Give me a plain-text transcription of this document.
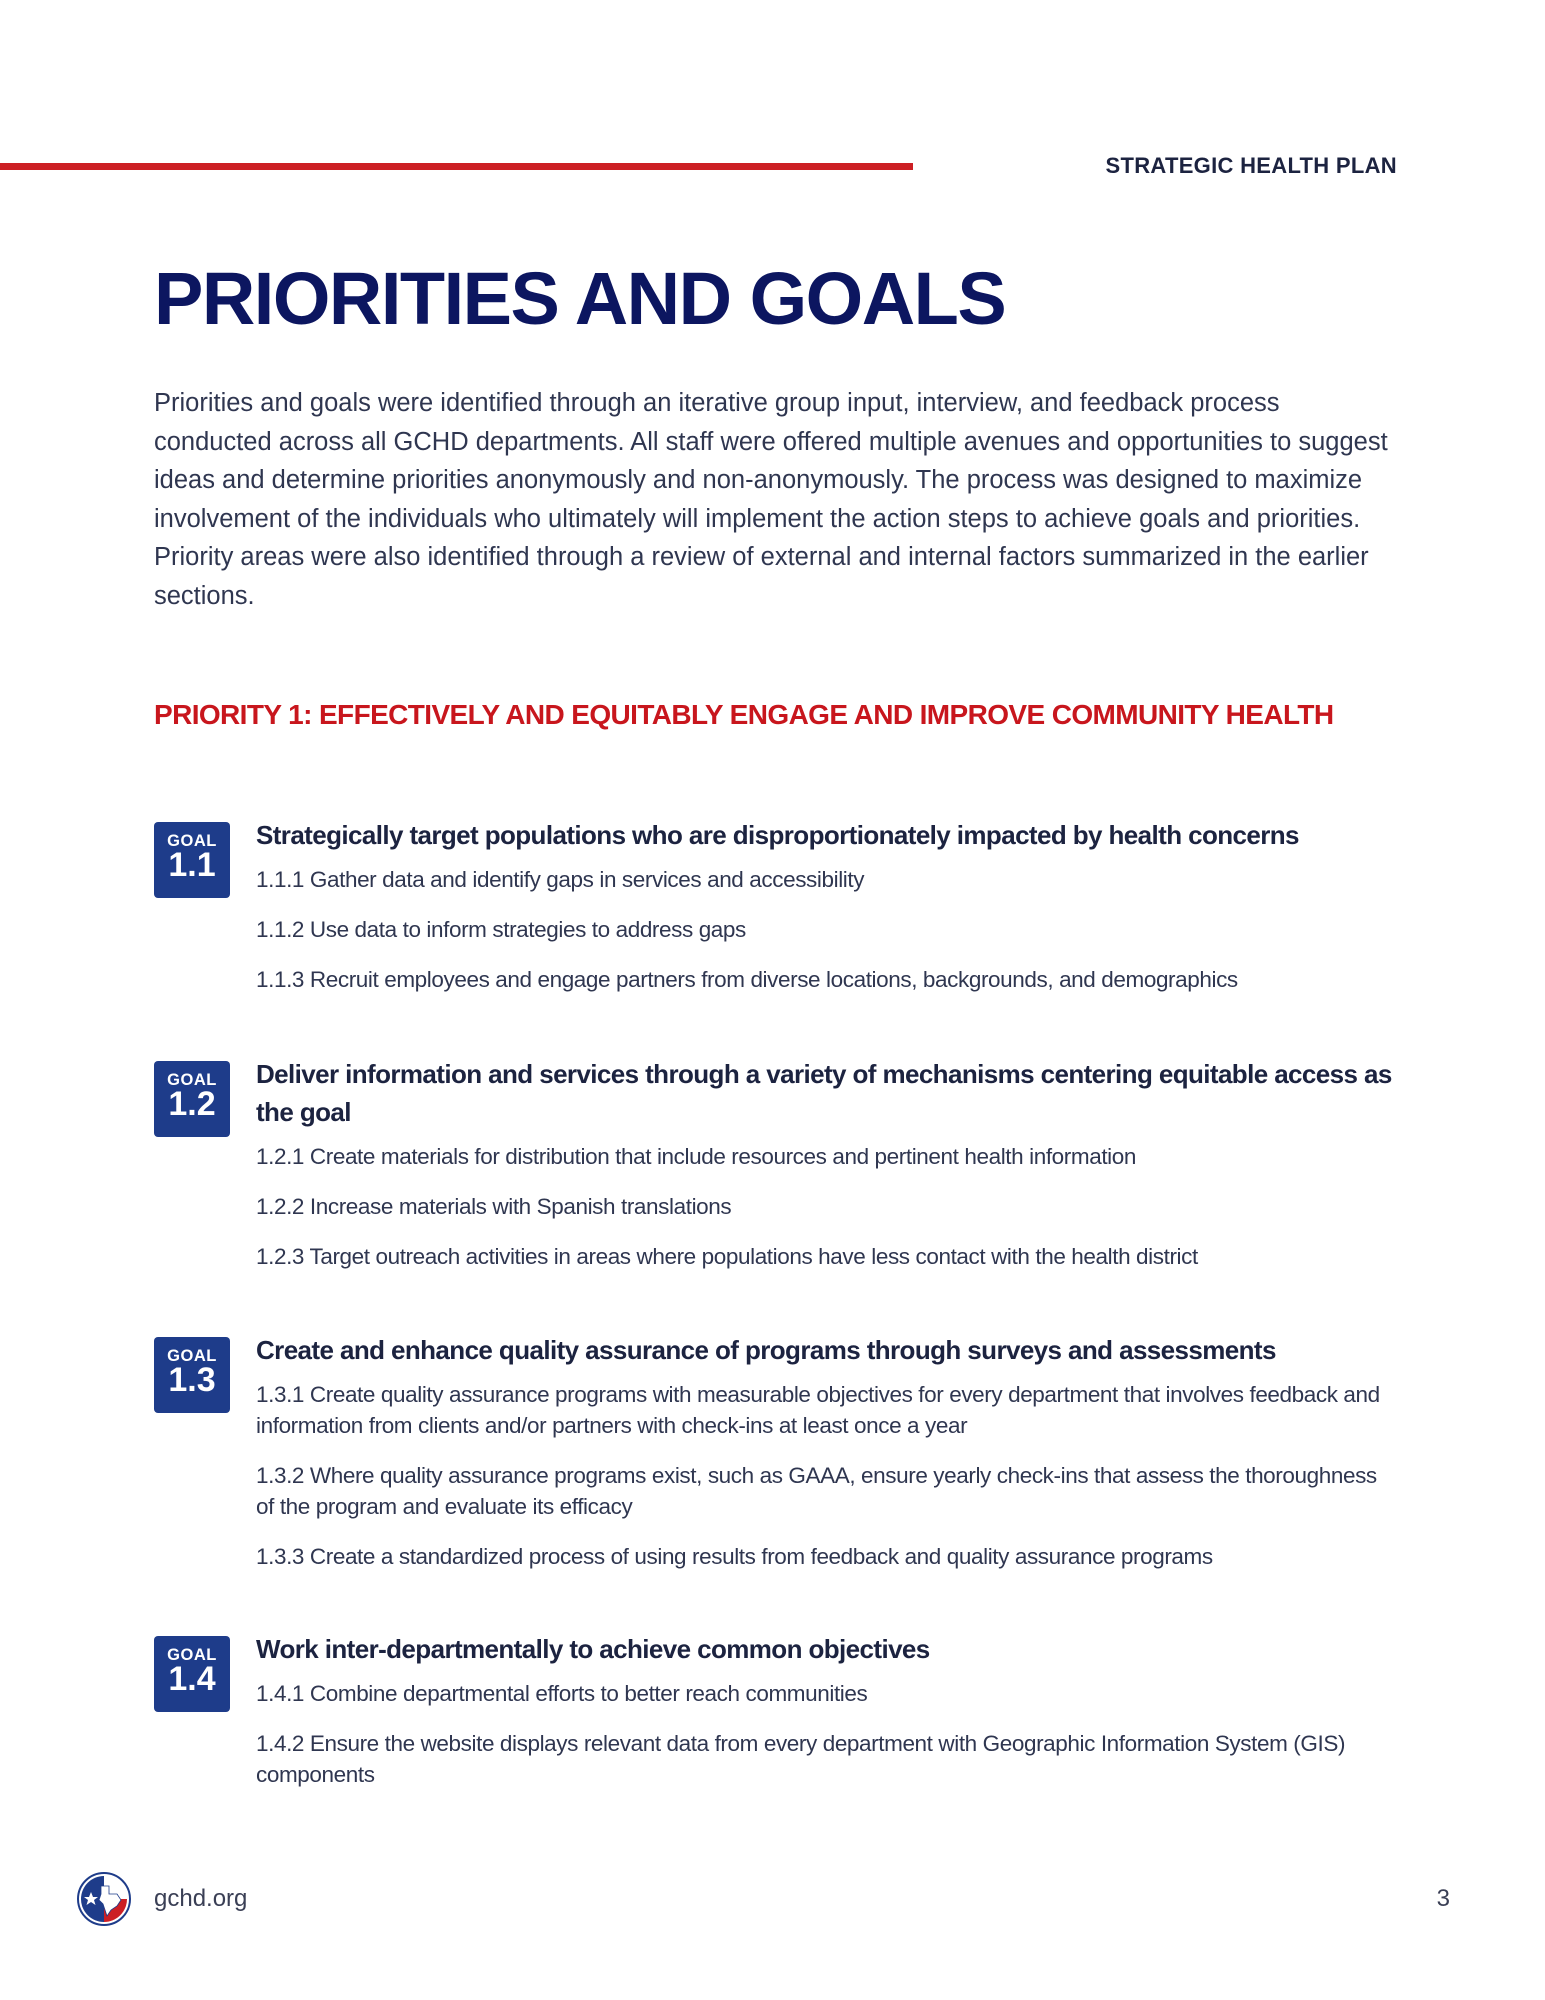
STRATEGIC HEALTH PLAN
PRIORITIES AND GOALS

Priorities and goals were identified through an iterative group input, interview, and feedback process conducted across all GCHD departments. All staff were offered multiple avenues and opportunities to suggest ideas and determine priorities anonymously and non-anonymously. The process was designed to maximize involvement of the individuals who ultimately will implement the action steps to achieve goals and priorities. Priority areas were also identified through a review of external and internal factors summarized in the earlier sections.

PRIORITY 1: EFFECTIVELY AND EQUITABLY ENGAGE AND IMPROVE COMMUNITY HEALTH
GOAL
1.1
Strategically target populations who are disproportionately impacted by health concerns
1.1.1 Gather data and identify gaps in services and accessibility
1.1.2 Use data to inform strategies to address gaps
1.1.3 Recruit employees and engage partners from diverse locations, backgrounds, and demographics
GOAL
1.2
Deliver information and services through a variety of mechanisms centering equitable access as the goal
1.2.1 Create materials for distribution that include resources and pertinent health information
1.2.2 Increase materials with Spanish translations
1.2.3 Target outreach activities in areas where populations have less contact with the health district
GOAL
1.3
Create and enhance quality assurance of programs through surveys and assessments
1.3.1 Create quality assurance programs with measurable objectives for every department that involves feedback and information from clients and/or partners with check-ins at least once a year
1.3.2 Where quality assurance programs exist, such as GAAA, ensure yearly check-ins that assess the thoroughness of the program and evaluate its efficacy
1.3.3 Create a standardized process of using results from feedback and quality assurance programs
GOAL
1.4
Work inter-departmentally to achieve common objectives
1.4.1 Combine departmental efforts to better reach communities
1.4.2 Ensure the website displays relevant data from every department with Geographic Information System (GIS) components
gchd.org	3
